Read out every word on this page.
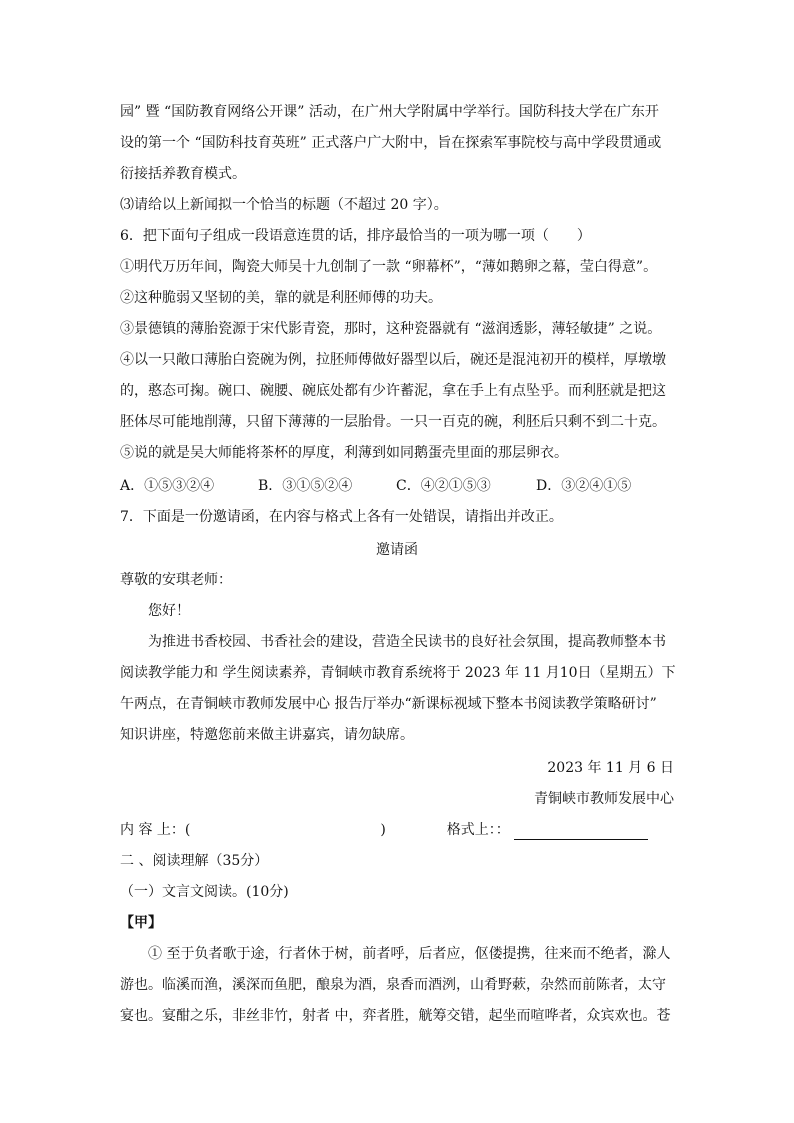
园” 暨 “国防教育网络公开课” 活动，在广州大学附属中学举行。国防科技大学在广东开
设的第一个 “国防科技育英班” 正式落户广大附中，旨在探索军事院校与高中学段贯通或
衍接括养教育模式。
⑶请给以上新闻拟一个恰当的标题（不超过 20 字）。
6．把下面句子组成一段语意连贯的话，排序最恰当的一项为哪一项（　　）
①明代万历年间，陶瓷大师吴十九创制了一款 “卵幕杯”，“薄如鹅卵之幕，莹白得意”。
②这种脆弱又坚韧的美，靠的就是利胚师傅的功夫。
③景德镇的薄胎瓷源于宋代影青瓷，那时，这种瓷器就有 “滋润透影，薄轻敏捷” 之说。
④以一只敞口薄胎白瓷碗为例，拉胚师傅做好器型以后，碗还是混沌初开的模样，厚墩墩
的，憨态可掬。碗口、碗腰、碗底处都有少许蓄泥，拿在手上有点坠乎。而利胚就是把这
胚体尽可能地削薄，只留下薄薄的一层胎骨。一只一百克的碗，利胚后只剩不到二十克。
⑤说的就是吴大师能将茶杯的厚度，利薄到如同鹅蛋壳里面的那层卵衣。
A．①⑤③②④	B．③①⑤②④	C．④②①⑤③	D．③②④①⑤
7．下面是一份邀请函，在内容与格式上各有一处错误，请指出并改正。
邀请函
尊敬的安琪老师：
您好！
为推进书香校园、书香社会的建设，营造全民读书的良好社会氛围，提高教师整本书
阅读教学能力和 学生阅读素养，青铜峡市教育系统将于 2023 年 11 月10日（星期五）下
午两点，在青铜峡市教师发展中心 报告厅举办“新课标视域下整本书阅读教学策略研讨”
知识讲座，特邀您前来做主讲嘉宾，请勿缺席。
2023 年 11 月 6 日
青铜峡市教师发展中心
内 容 上：(	)	格式上：：
二 、阅读理解（35分）
（一）文言文阅读。(10分)
【甲】
① 至于负者歌于途，行者休于树，前者呼，后者应，伛偻提携，往来而不绝者，滁人
游也。临溪而渔，溪深而鱼肥，酿泉为酒，泉香而酒洌，山肴野蔌，杂然而前陈者，太守
宴也。宴酣之乐，非丝非竹，射者 中，弈者胜，觥筹交错，起坐而喧哗者，众宾欢也。苍
